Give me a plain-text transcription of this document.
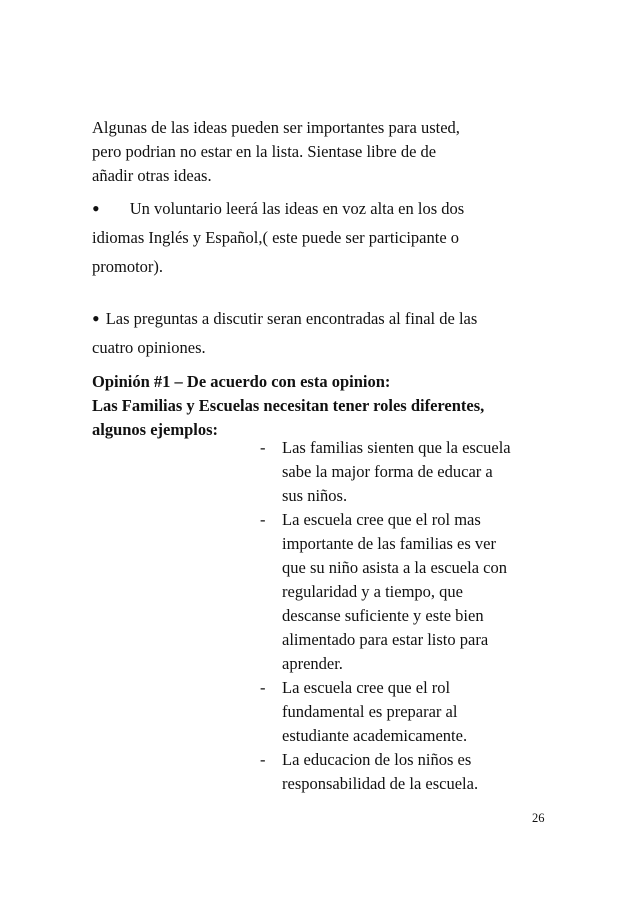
Algunas de las ideas pueden ser importantes para usted,
pero podrian no estar en la lista. Sientase libre de de
añadir otras ideas.

• Un voluntario leerá las ideas en voz alta en los dos
idiomas Inglés y Español,( este puede ser participante o
promotor).

• Las preguntas a discutir seran encontradas al final de las
cuatro opiniones.

Opinión #1 – De acuerdo con esta opinion:
Las Familias y Escuelas necesitan tener roles diferentes,
algunos ejemplos:

- Las familias sienten que la escuela
sabe la major forma de educar a
sus niños.
- La escuela cree que el rol mas
importante de las familias es ver
que su niño asista a la escuela con
regularidad y a tiempo, que
descanse suficiente y este bien
alimentado para estar listo para
aprender.
- La escuela cree que el rol
fundamental es preparar al
estudiante academicamente.
- La educacion de los niños es
responsabilidad de la escuela.
26
